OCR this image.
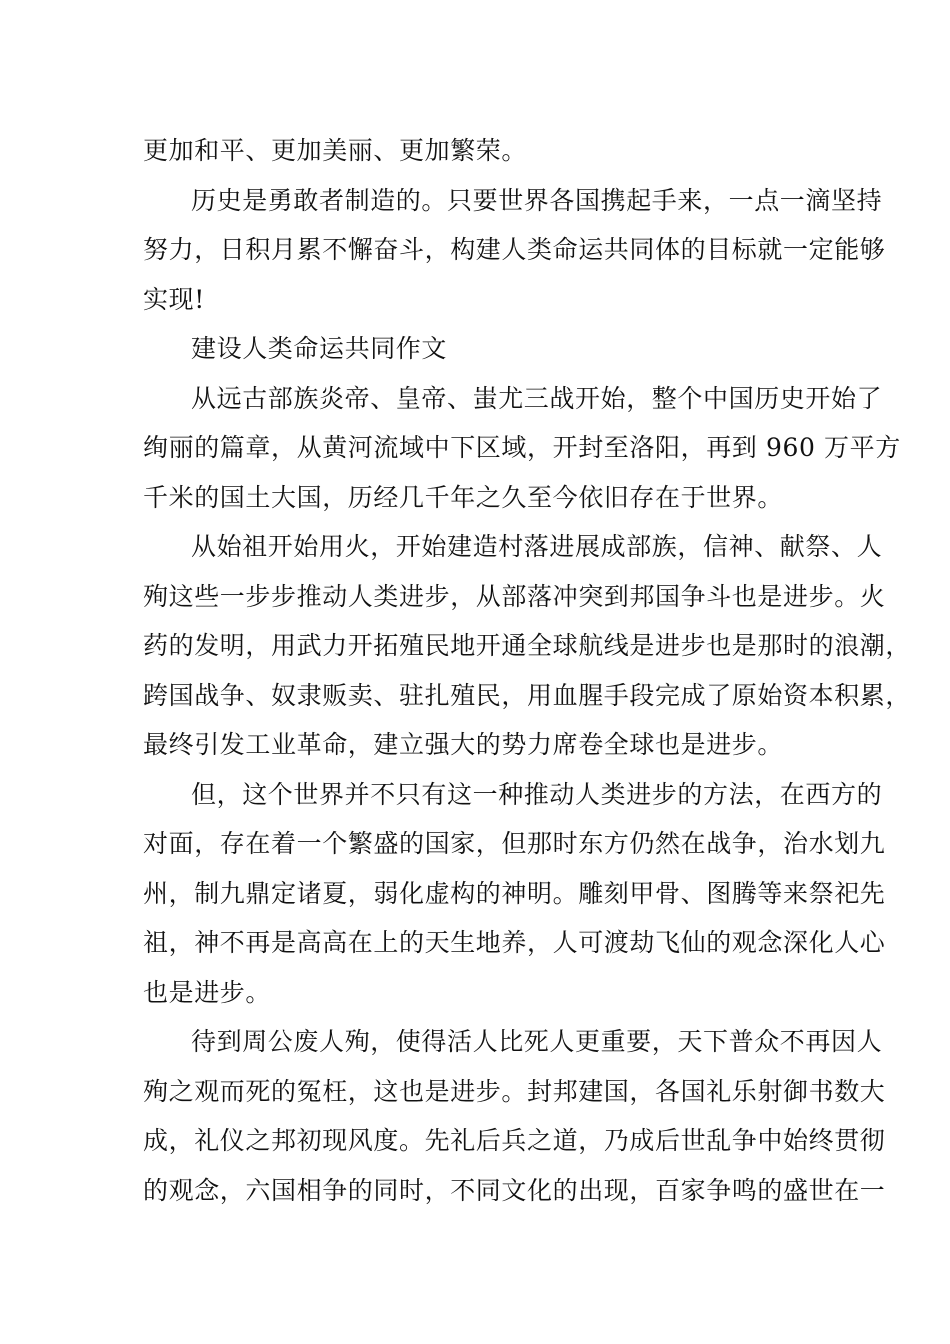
更加和平、更加美丽、更加繁荣。
历史是勇敢者制造的。只要世界各国携起手来，一点一滴坚持
努力，日积月累不懈奋斗，构建人类命运共同体的目标就一定能够
实现!
建设人类命运共同作文
从远古部族炎帝、皇帝、蚩尤三战开始，整个中国历史开始了
绚丽的篇章，从黄河流域中下区域，开封至洛阳，再到 960 万平方
千米的国土大国，历经几千年之久至今依旧存在于世界。
从始祖开始用火，开始建造村落进展成部族，信神、献祭、人
殉这些一步步推动人类进步，从部落冲突到邦国争斗也是进步。火
药的发明，用武力开拓殖民地开通全球航线是进步也是那时的浪潮，
跨国战争、奴隶贩卖、驻扎殖民，用血腥手段完成了原始资本积累，
最终引发工业革命，建立强大的势力席卷全球也是进步。
但，这个世界并不只有这一种推动人类进步的方法，在西方的
对面，存在着一个繁盛的国家，但那时东方仍然在战争，治水划九
州，制九鼎定诸夏，弱化虚构的神明。雕刻甲骨、图腾等来祭祀先
祖，神不再是高高在上的天生地养，人可渡劫飞仙的观念深化人心
也是进步。
待到周公废人殉，使得活人比死人更重要，天下普众不再因人
殉之观而死的冤枉，这也是进步。封邦建国，各国礼乐射御书数大
成，礼仪之邦初现风度。先礼后兵之道，乃成后世乱争中始终贯彻
的观念，六国相争的同时，不同文化的出现，百家争鸣的盛世在一
